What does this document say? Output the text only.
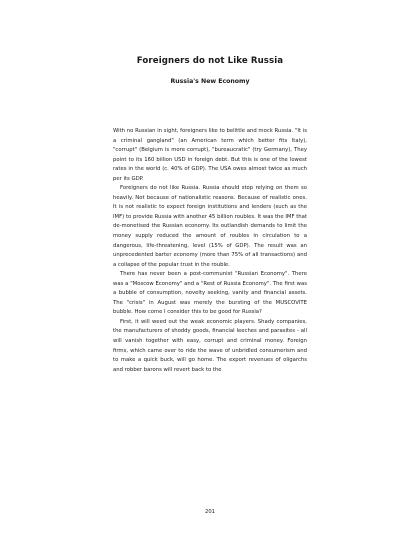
Foreigners do not Like Russia
Russia's New Economy

With no Russian in sight, foreigners like to belittle and mock Russia. "It is a criminal gangland" (an American term which better fits Italy), "corrupt" (Belgium is more corrupt), "bureaucratic" (try Germany), They point to its 160 billion USD in foreign debt. But this is one of the lowest rates in the world (c. 40% of GDP). The USA owes almost twice as much per its GDP.

Foreigners do not like Russia. Russia should stop relying on them so heavily. Not because of nationalistic reasons. Because of realistic ones. It is not realistic to expect foreign institutions and lenders (such as the IMF) to provide Russia with another 45 billion roubles. It was the IMF that de-monetised the Russian economy. Its outlandish demands to limit the money supply reduced the amount of roubles in circulation to a dangerous, life-threatening, level (15% of GDP). The result was an unprecedented barter economy (more than 75% of all transactions) and a collapse of the popular trust in the rouble.

There has never been a post-communist "Russian Economy". There was a "Moscow Economy" and a "Rest of Russia Economy". The first was a bubble of consumption, novelty seeking, vanity and financial assets. The "crisis" in August was merely the bursting of the MUSCOVITE bubble. How come I consider this to be good for Russia?

First, it will weed out the weak economic players. Shady companies, the manufacturers of shoddy goods, financial leeches and parasites - all will vanish together with easy, corrupt and criminal money. Foreign firms, which came over to ride the wave of unbridled consumerism and to make a quick buck, will go home. The export revenues of oligarchs and robber barons will revert back to the

201
